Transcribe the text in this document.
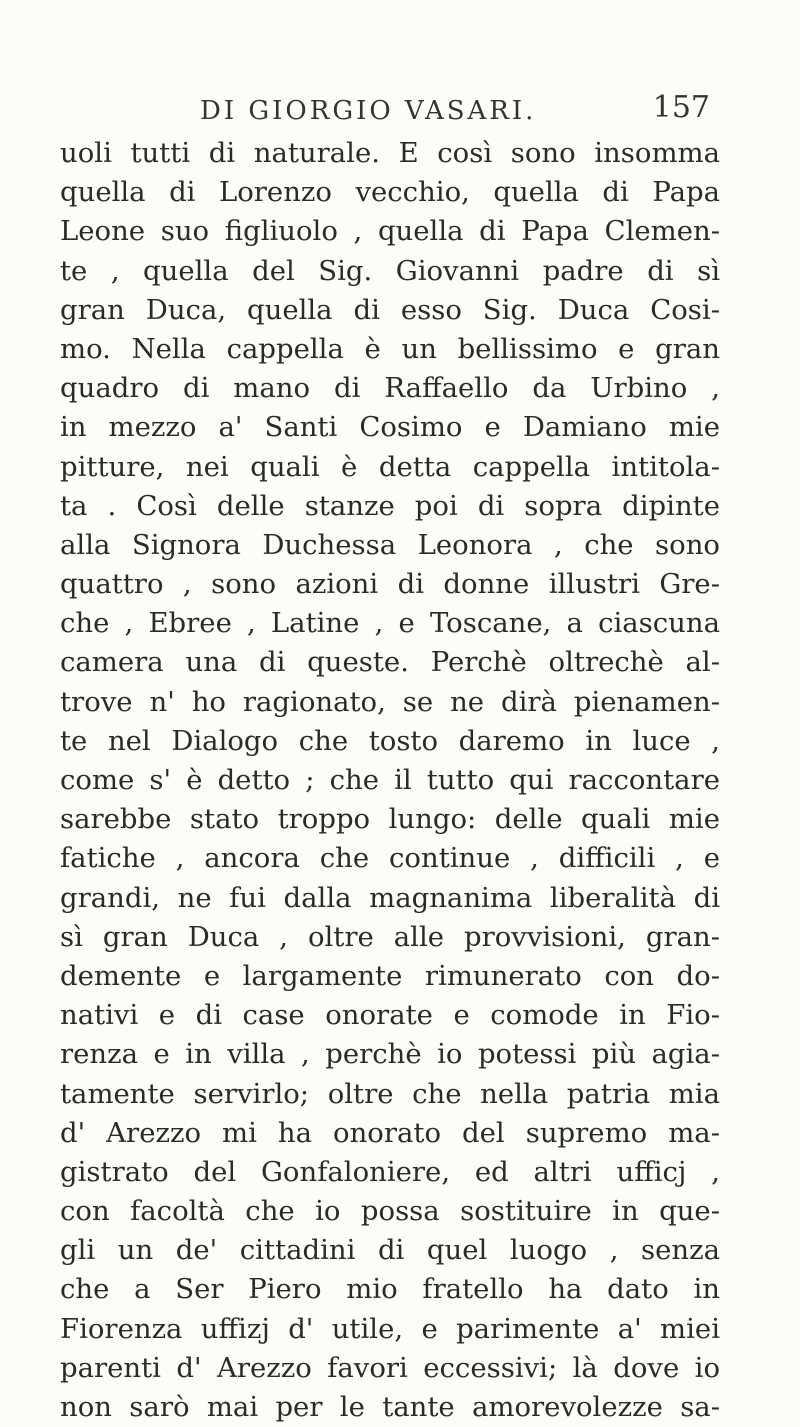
DI GIORGIO VASARI.	157
uoli tutti di naturale. E così sono insomma
quella di Lorenzo vecchio, quella di Papa
Leone suo figliuolo , quella di Papa Clemen-
te , quella del Sig. Giovanni padre di sì
gran Duca, quella di esso Sig. Duca Cosi-
mo. Nella cappella è un bellissimo e gran
quadro di mano di Raffaello da Urbino ,
in mezzo a' Santi Cosimo e Damiano mie
pitture, nei quali è detta cappella intitola-
ta . Così delle stanze poi di sopra dipinte
alla Signora Duchessa Leonora , che sono
quattro , sono azioni di donne illustri Gre-
che , Ebree , Latine , e Toscane, a ciascuna
camera una di queste. Perchè oltrechè al-
trove n' ho ragionato, se ne dirà pienamen-
te nel Dialogo che tosto daremo in luce ,
come s' è detto ; che il tutto qui raccontare
sarebbe stato troppo lungo: delle quali mie
fatiche , ancora che continue , difficili , e
grandi, ne fui dalla magnanima liberalità di
sì gran Duca , oltre alle provvisioni, gran-
demente e largamente rimunerato con do-
nativi e di case onorate e comode in Fio-
renza e in villa , perchè io potessi più agia-
tamente servirlo; oltre che nella patria mia
d' Arezzo mi ha onorato del supremo ma-
gistrato del Gonfaloniere, ed altri ufficj ,
con facoltà che io possa sostituire in que-
gli un de' cittadini di quel luogo , senza
che a Ser Piero mio fratello ha dato in
Fiorenza uffizj d' utile, e parimente a' miei
parenti d' Arezzo favori eccessivi; là dove io
non sarò mai per le tante amorevolezze sa-
